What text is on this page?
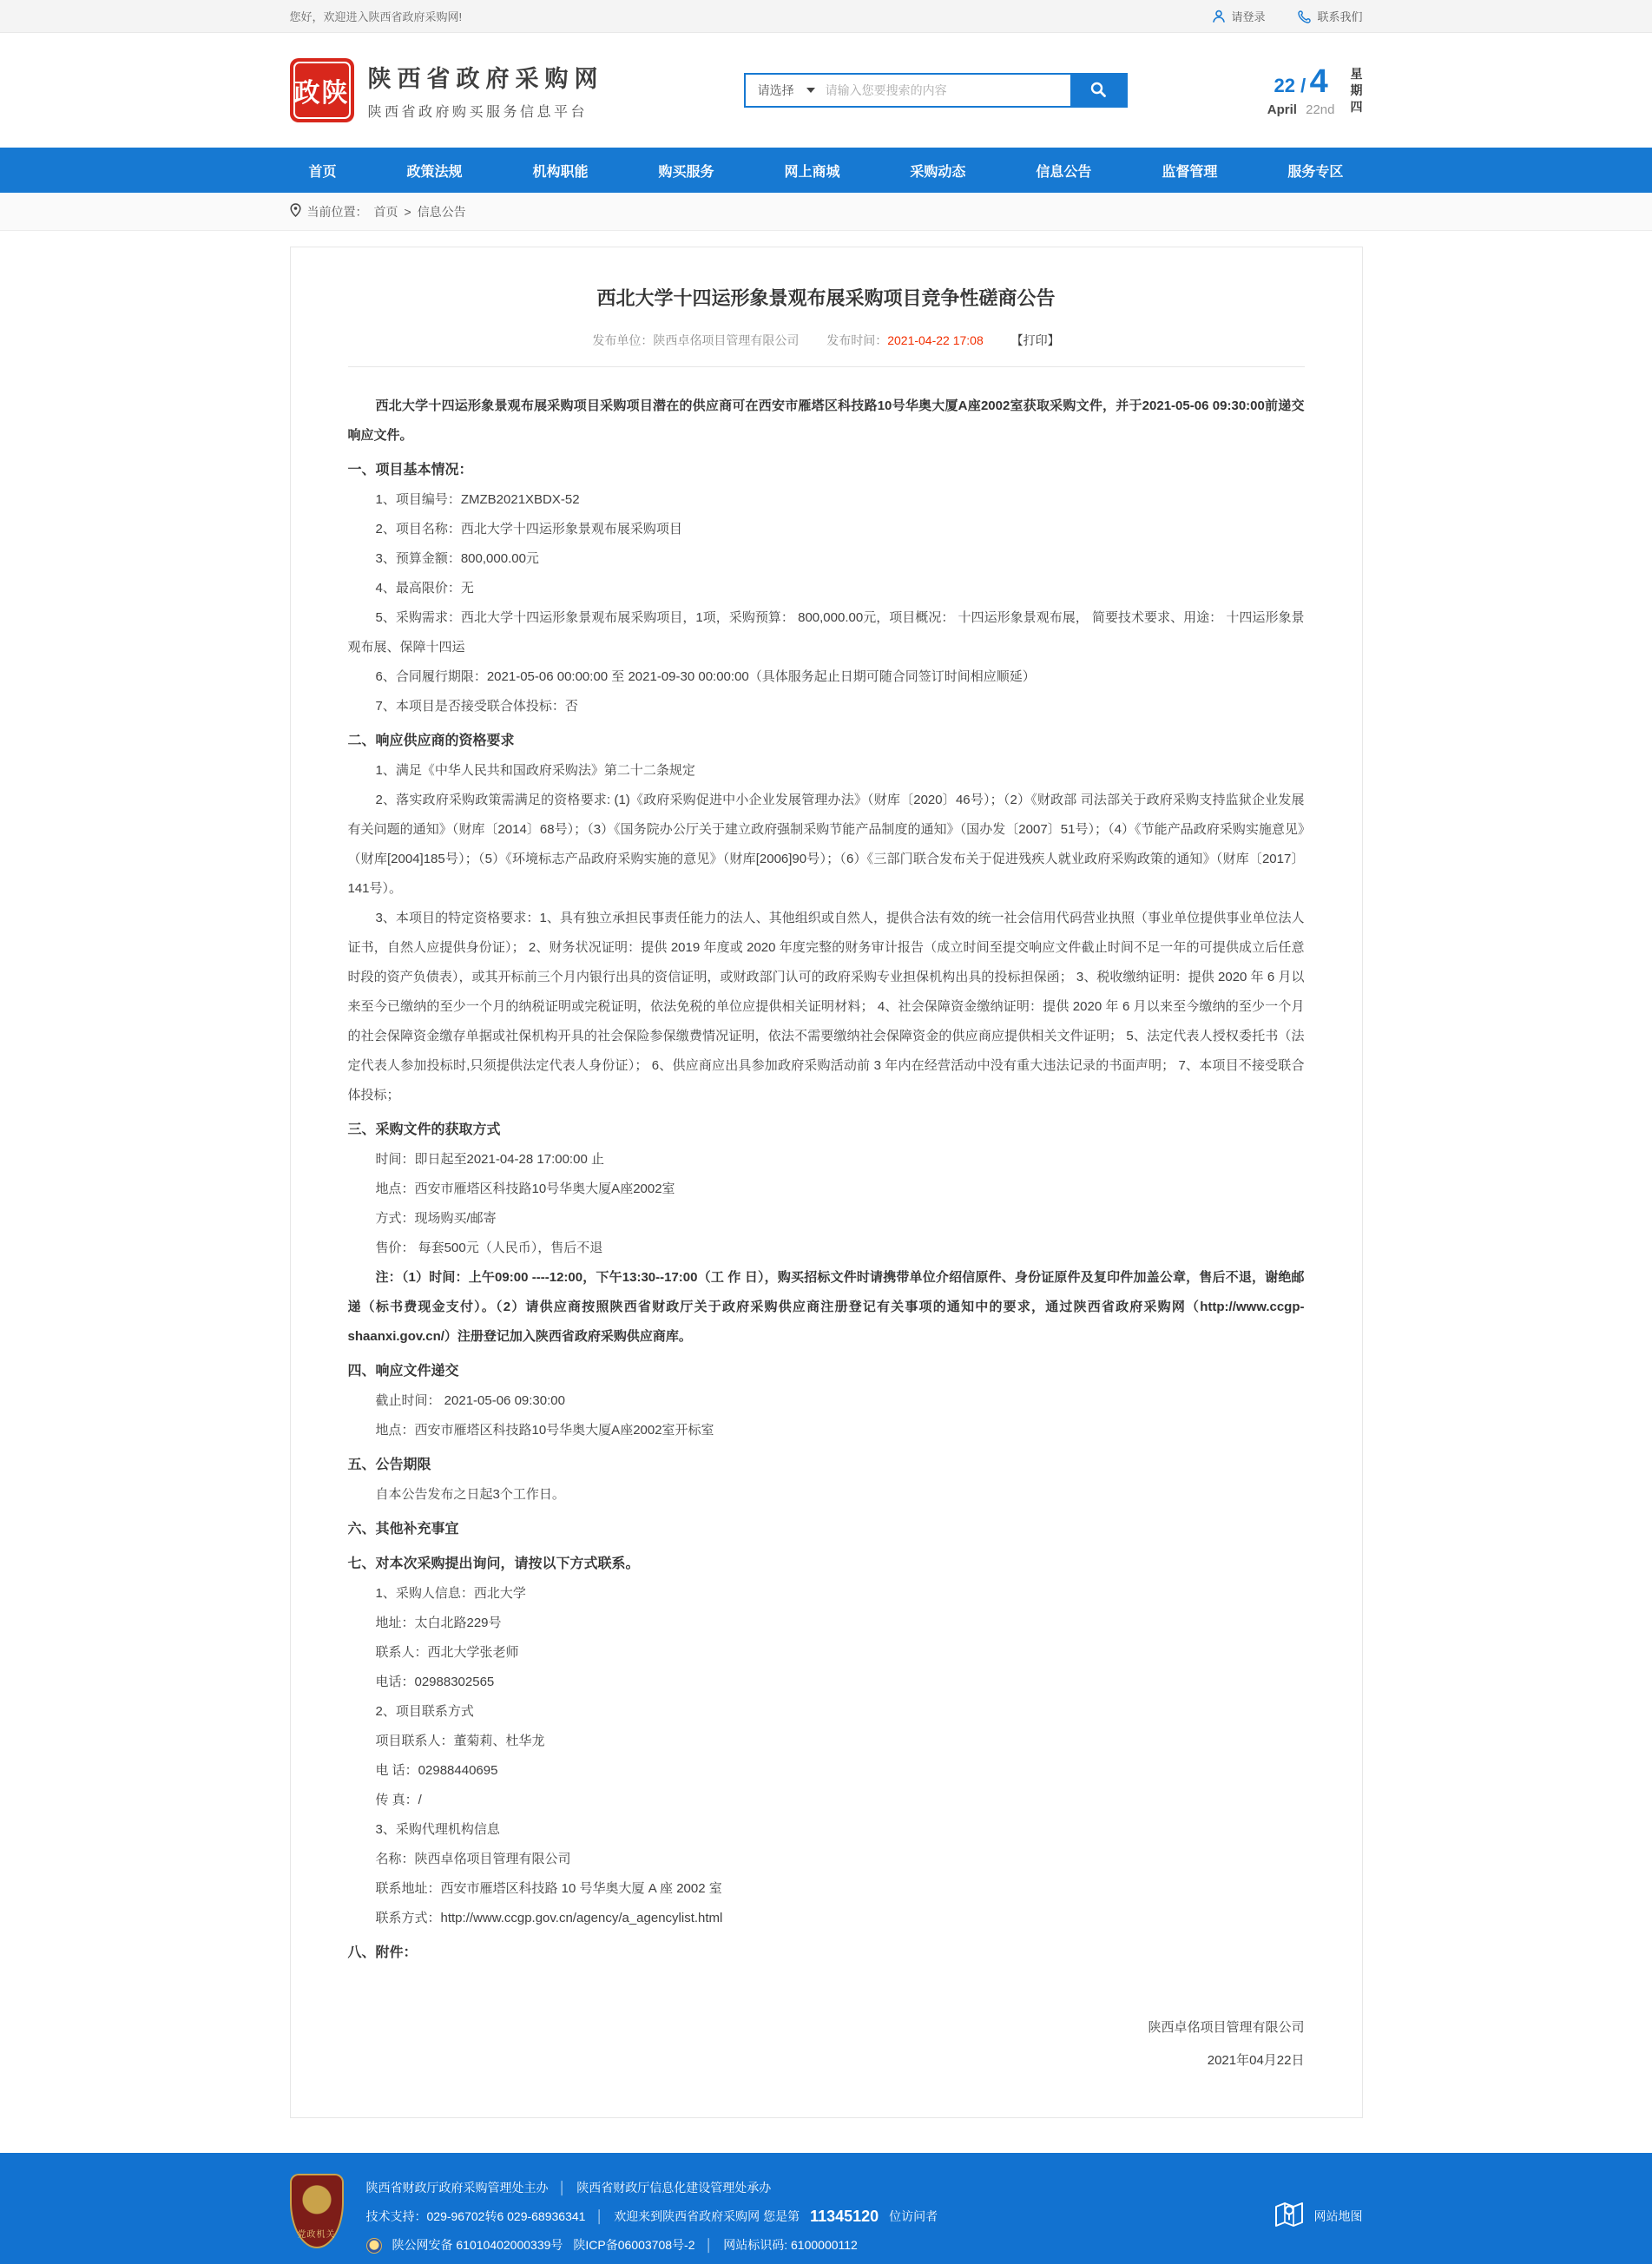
您好，欢迎进入陕西省政府采购网!	请登录	联系我们
政陕 陕西省政府采购网
陕西省政府购买服务信息平台
请选择
请输入您要搜索的内容	22 / 4
April 22nd
星
期
四
首页	政策法规	机构职能	购买服务	网上商城	采购动态	信息公告	监督管理	服务专区
当前位置： 首页 > 信息公告
西北大学十四运形象景观布展采购项目竞争性磋商公告
发布单位：陕西卓佲项目管理有限公司 发布时间：2021-04-22 17:08 【打印】
西北大学十四运形象景观布展采购项目采购项目潜在的供应商可在西安市雁塔区科技路10号华奥大厦A座2002室获取采购文件，并于2021-05-06 09:30:00前递交响应文件。
一、项目基本情况：
1、项目编号：ZMZB2021XBDX-52
2、项目名称：西北大学十四运形象景观布展采购项目
3、预算金额：800,000.00元
4、最高限价：无
5、采购需求：西北大学十四运形象景观布展采购项目，1项，采购预算： 800,000.00元，项目概况： 十四运形象景观布展， 简要技术要求、用途： 十四运形象景观布展、保障十四运
6、合同履行期限：2021-05-06 00:00:00 至 2021-09-30 00:00:00（具体服务起止日期可随合同签订时间相应顺延）
7、本项目是否接受联合体投标：否
二、响应供应商的资格要求
1、满足《中华人民共和国政府采购法》第二十二条规定
2、落实政府采购政策需满足的资格要求: (1)《政府采购促进中小企业发展管理办法》（财库〔2020〕46号）；（2）《财政部 司法部关于政府采购支持监狱企业发展有关问题的通知》（财库〔2014〕68号）；（3）《国务院办公厅关于建立政府强制采购节能产品制度的通知》（国办发〔2007〕51号）；（4）《节能产品政府采购实施意见》（财库[2004]185号）；（5）《环境标志产品政府采购实施的意见》（财库[2006]90号）；（6）《三部门联合发布关于促进残疾人就业政府采购政策的通知》（财库〔2017〕141号）。
3、本项目的特定资格要求：1、具有独立承担民事责任能力的法人、其他组织或自然人，提供合法有效的统一社会信用代码营业执照（事业单位提供事业单位法人证书，自然人应提供身份证）； 2、财务状况证明：提供 2019 年度或 2020 年度完整的财务审计报告（成立时间至提交响应文件截止时间不足一年的可提供成立后任意时段的资产负债表），或其开标前三个月内银行出具的资信证明，或财政部门认可的政府采购专业担保机构出具的投标担保函； 3、税收缴纳证明：提供 2020 年 6 月以来至今已缴纳的至少一个月的纳税证明或完税证明，依法免税的单位应提供相关证明材料； 4、社会保障资金缴纳证明：提供 2020 年 6 月以来至今缴纳的至少一个月的社会保障资金缴存单据或社保机构开具的社会保险参保缴费情况证明，依法不需要缴纳社会保障资金的供应商应提供相关文件证明； 5、法定代表人授权委托书（法定代表人参加投标时,只须提供法定代表人身份证）； 6、供应商应出具参加政府采购活动前 3 年内在经营活动中没有重大违法记录的书面声明； 7、本项目不接受联合体投标；
三、采购文件的获取方式
时间：即日起至2021-04-28 17:00:00 止
地点：西安市雁塔区科技路10号华奥大厦A座2002室
方式：现场购买/邮寄
售价： 每套500元（人民币），售后不退
注：（1）时间：上午09:00 ----12:00，下午13:30--17:00（工 作 日），购买招标文件时请携带单位介绍信原件、身份证原件及复印件加盖公章，售后不退，谢绝邮递（标书费现金支付）。（2）请供应商按照陕西省财政厅关于政府采购供应商注册登记有关事项的通知中的要求，通过陕西省政府采购网（http://www.ccgp-shaanxi.gov.cn/）注册登记加入陕西省政府采购供应商库。
四、响应文件递交
截止时间： 2021-05-06 09:30:00
地点：西安市雁塔区科技路10号华奥大厦A座2002室开标室
五、公告期限
自本公告发布之日起3个工作日。
六、其他补充事宜
七、对本次采购提出询问，请按以下方式联系。
1、采购人信息：西北大学
地址：太白北路229号
联系人：西北大学张老师
电话：02988302565
2、项目联系方式
项目联系人：董菊莉、杜华龙
电 话：02988440695
传 真：/
3、采购代理机构信息
名称：陕西卓佲项目管理有限公司
联系地址：西安市雁塔区科技路 10 号华奥大厦 A 座 2002 室
联系方式：http://www.ccgp.gov.cn/agency/a_agencylist.html
八、附件：
陕西卓佲项目管理有限公司
2021年04月22日
党政机关
陕西省财政厅政府采购管理处主办 │ 陕西省财政厅信息化建设管理处承办
技术支持：029-96702转6 029-68936341 │ 欢迎来到陕西省政府采购网 您是第 11345120 位访问者
陕公网安备 61010402000339号 陕ICP备06003708号-2 │ 网站标识码: 6100000112
网站地图
